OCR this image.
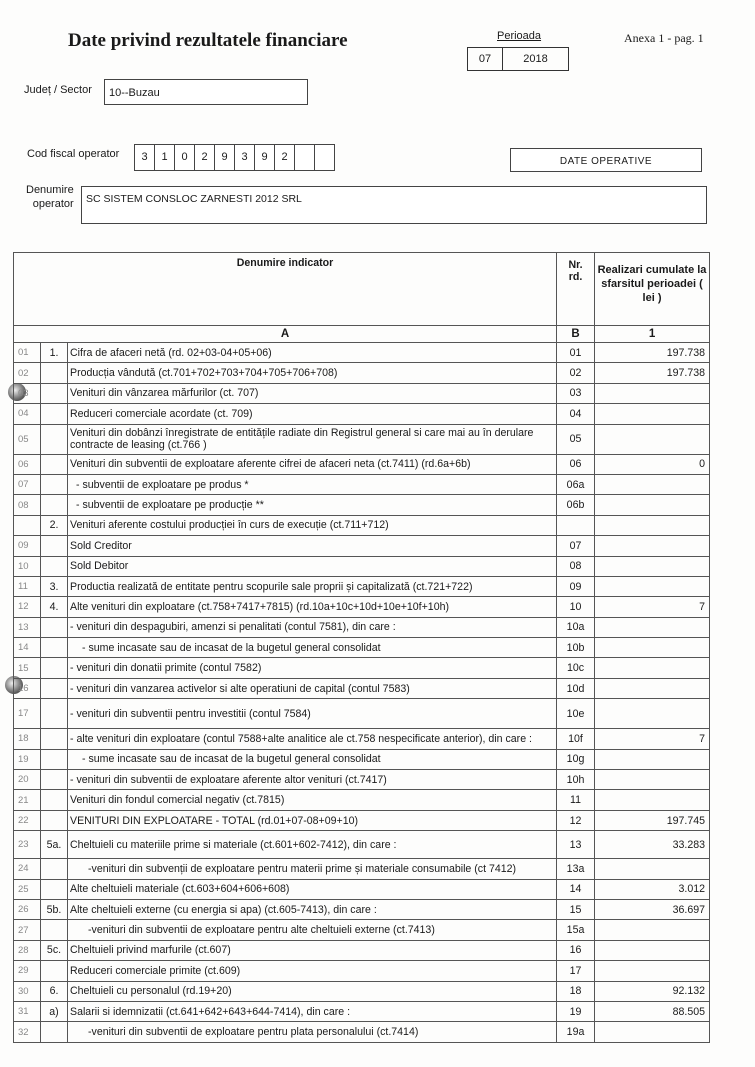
Date privind rezultatele financiare	Perioada
07	2018
Anexa 1 - pag. 1
Județ / Sector	10--Buzau
Cod fiscal operator	3	1	0	2	9	3	9	2	DATE OPERATIVE
Denumire
operator	SC SISTEM CONSLOC ZARNESTI 2012 SRL
Denumire indicator			Nr.
rd.	Realizari cumulate la sfarsitul perioadei ( lei )
A			B	1
01	1.	Cifra de afaceri netă (rd. 02+03-04+05+06)	01	197.738
02		Producția vândută (ct.701+702+703+704+705+706+708)	02	197.738
03		Venituri din vânzarea mărfurilor (ct. 707)	03	
04		Reduceri comerciale acordate (ct. 709)	04	
05		Venituri din dobânzi înregistrate de entitățile radiate din Registrul general si care mai au în derulare contracte de leasing (ct.766 )	05	
06		Venituri din subventii de exploatare aferente cifrei de afaceri neta (ct.7411) (rd.6a+6b)	06	0
07		- subventii de exploatare pe produs *	06a	
08		- subventii de exploatare pe producție **	06b	
	2.	Venituri aferente costului producției în curs de execuție (ct.711+712)		
09		Sold Creditor	07	
10		Sold Debitor	08	
11	3.	Productia realizată de entitate pentru scopurile sale proprii și capitalizată (ct.721+722)	09	
12	4.	Alte venituri din exploatare (ct.758+7417+7815) (rd.10a+10c+10d+10e+10f+10h)	10	7
13		- venituri din despagubiri, amenzi si penalitati (contul 7581), din care :	10a	
14		- sume incasate sau de incasat de la bugetul general consolidat	10b	
15		- venituri din donatii primite (contul 7582)	10c	
16		- venituri din vanzarea activelor si alte operatiuni de capital (contul 7583)	10d	
17		- venituri din subventii pentru investitii (contul 7584)	10e	
18		- alte venituri din exploatare (contul 7588+alte analitice ale ct.758 nespecificate anterior), din care :	10f	7
19		- sume incasate sau de incasat de la bugetul general consolidat	10g	
20		- venituri din subventii de exploatare aferente altor venituri (ct.7417)	10h	
21		Venituri din fondul comercial negativ (ct.7815)	11	
22		VENITURI DIN EXPLOATARE - TOTAL (rd.01+07-08+09+10)	12	197.745
23	5a.	Cheltuieli cu materiile prime si materiale (ct.601+602-7412), din care :	13	33.283
24		-venituri din subvenții de exploatare pentru materii prime și materiale consumabile (ct 7412)	13a	
25		Alte cheltuieli materiale (ct.603+604+606+608)	14	3.012
26	5b.	Alte cheltuieli externe (cu energia si apa) (ct.605-7413), din care :	15	36.697
27		-venituri din subventii de exploatare pentru alte cheltuieli externe (ct.7413)	15a	
28	5c.	Cheltuieli privind marfurile (ct.607)	16	
29		Reduceri comerciale primite (ct.609)	17	
30	6.	Cheltuieli cu personalul (rd.19+20)	18	92.132
31	a)	Salarii si idemnizatii (ct.641+642+643+644-7414), din care :	19	88.505
32		-venituri din subventii de exploatare pentru plata personalului (ct.7414)	19a	
